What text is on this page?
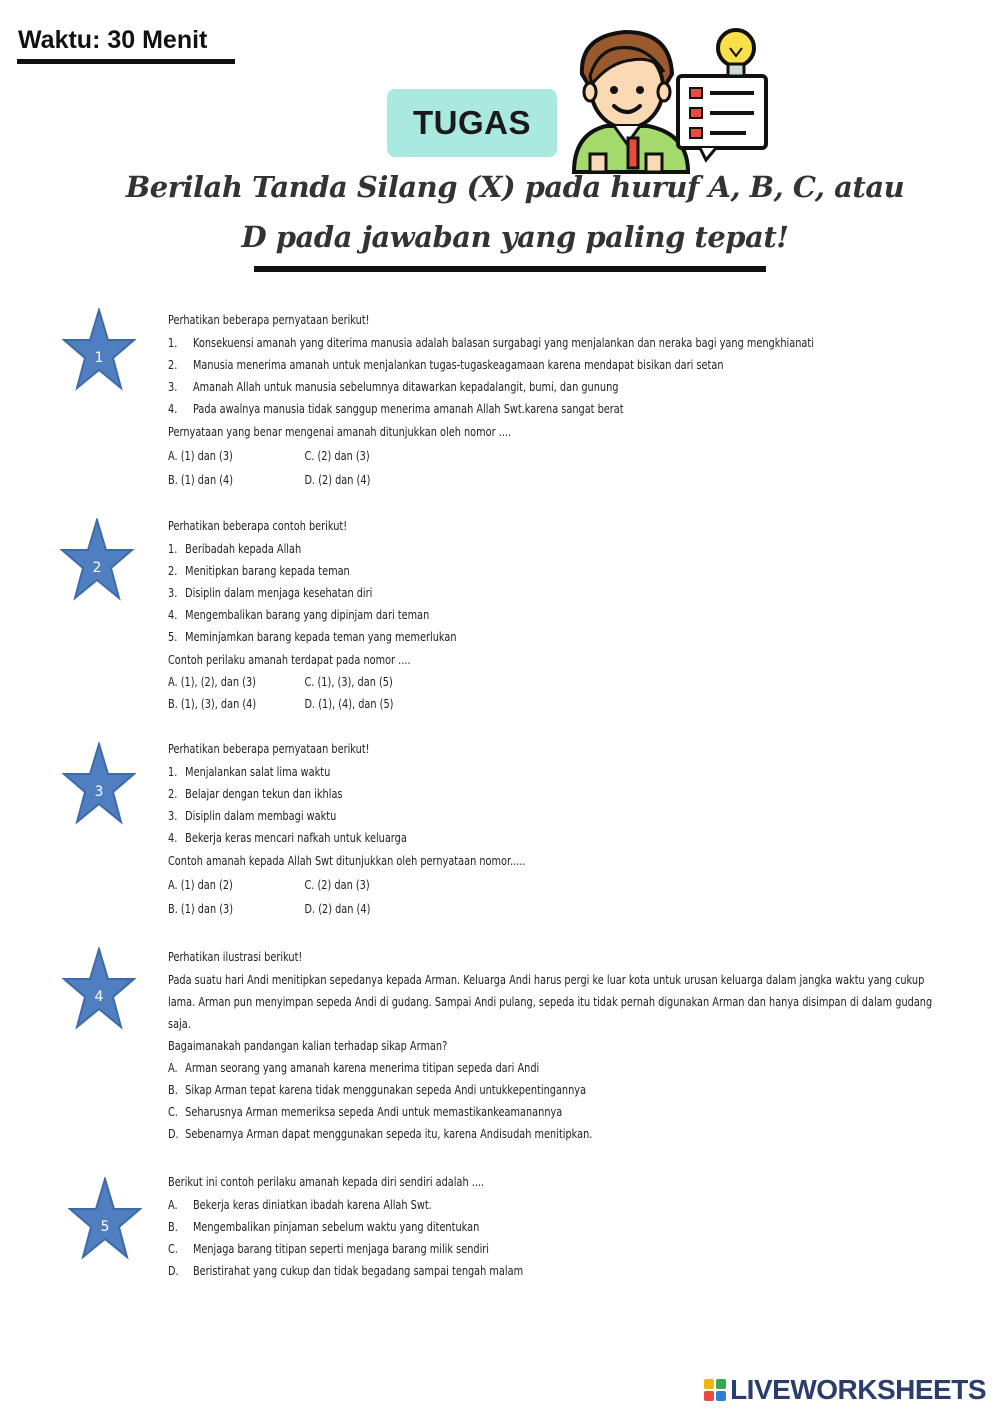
Waktu: 30 Menit
TUGAS
Berilah Tanda Silang (X) pada huruf A, B, C, atau
D pada jawaban yang paling tepat!
1
Perhatikan beberapa pernyataan berikut!
1. Konsekuensi amanah yang diterima manusia adalah balasan surgabagi yang menjalankan dan neraka bagi yang mengkhianati
2. Manusia menerima amanah untuk menjalankan tugas-tugaskeagamaan karena mendapat bisikan dari setan
3. Amanah Allah untuk manusia sebelumnya ditawarkan kepadalangit, bumi, dan gunung
4. Pada awalnya manusia tidak sanggup menerima amanah Allah Swt.karena sangat berat
Pernyataan yang benar mengenai amanah ditunjukkan oleh nomor ....
A. (1) dan (3)	C. (2) dan (3)
B. (1) dan (4)	D. (2) dan (4)
2
Perhatikan beberapa contoh berikut!
1. Beribadah kepada Allah
2. Menitipkan barang kepada teman
3. Disiplin dalam menjaga kesehatan diri
4. Mengembalikan barang yang dipinjam dari teman
5. Meminjamkan barang kepada teman yang memerlukan
Contoh perilaku amanah terdapat pada nomor ....
A. (1), (2), dan (3)	C. (1), (3), dan (5)
B. (1), (3), dan (4)	D. (1), (4), dan (5)
3
Perhatikan beberapa pernyataan berikut!
1. Menjalankan salat lima waktu
2. Belajar dengan tekun dan ikhlas
3. Disiplin dalam membagi waktu
4. Bekerja keras mencari nafkah untuk keluarga
Contoh amanah kepada Allah Swt ditunjukkan oleh pernyataan nomor.....
A. (1) dan (2)	C. (2) dan (3)
B. (1) dan (3)	D. (2) dan (4)
4
Perhatikan ilustrasi berikut!
Pada suatu hari Andi menitipkan sepedanya kepada Arman. Keluarga Andi harus pergi ke luar kota untuk urusan keluarga dalam jangka waktu yang cukup lama. Arman pun menyimpan sepeda Andi di gudang. Sampai Andi pulang, sepeda itu tidak pernah digunakan Arman dan hanya disimpan di dalam gudang saja.
Bagaimanakah pandangan kalian terhadap sikap Arman?
A. Arman seorang yang amanah karena menerima titipan sepeda dari Andi
B. Sikap Arman tepat karena tidak menggunakan sepeda Andi untukkepentingannya
C. Seharusnya Arman memeriksa sepeda Andi untuk memastikankeamanannya
D. Sebenarnya Arman dapat menggunakan sepeda itu, karena Andisudah menitipkan.
5
Berikut ini contoh perilaku amanah kepada diri sendiri adalah ....
A. Bekerja keras diniatkan ibadah karena Allah Swt.
B. Mengembalikan pinjaman sebelum waktu yang ditentukan
C. Menjaga barang titipan seperti menjaga barang milik sendiri
D. Beristirahat yang cukup dan tidak begadang sampai tengah malam
LIVEWORKSHEETS
